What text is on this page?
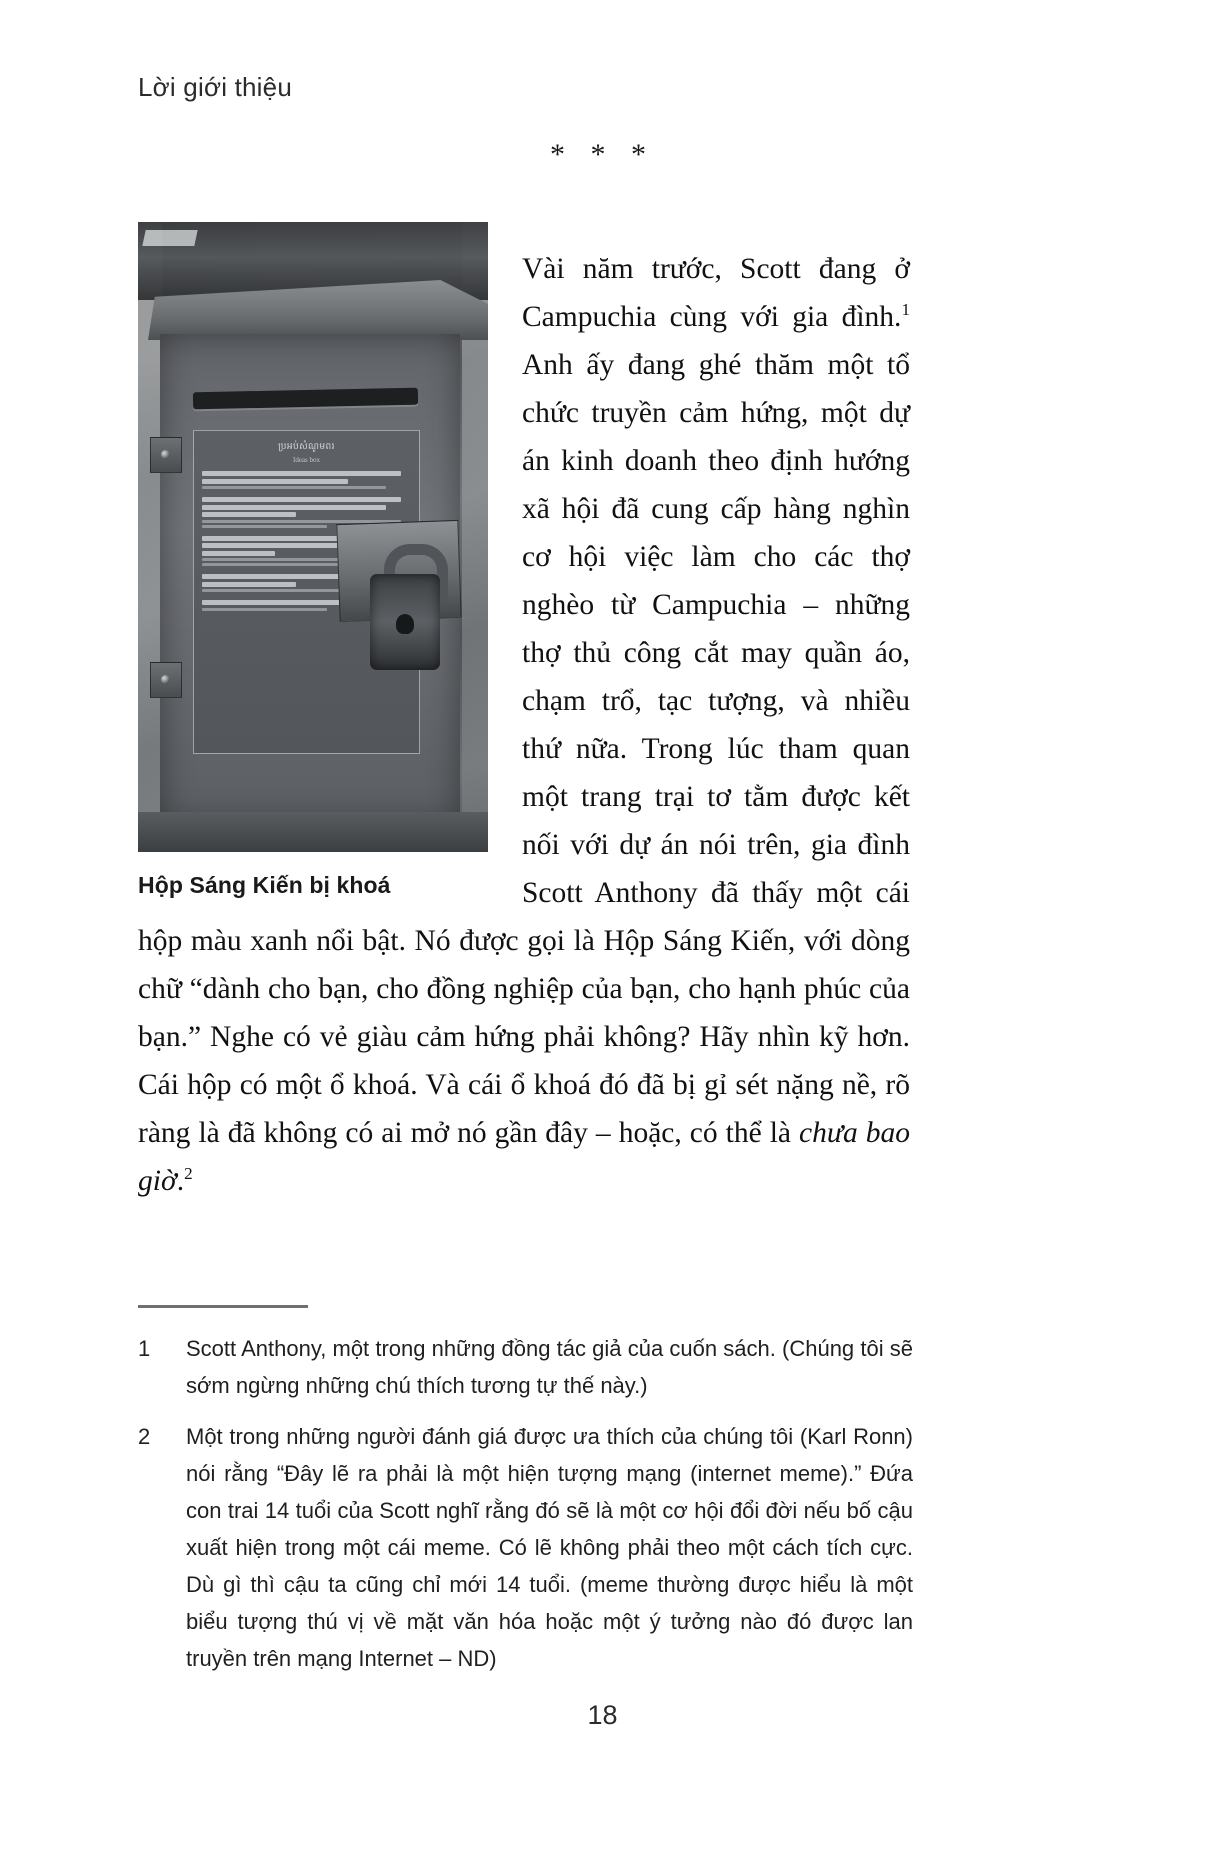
Lời giới thiệu
* * *
ប្រអប់សំណូមពរ
Ideas box
Hộp Sáng Kiến bị khoá

Vài năm trước, Scott đang ở Campuchia cùng với gia đình.$^1$ Anh ấy đang ghé thăm một tổ chức truyền cảm hứng, một dự án kinh doanh theo định hướng xã hội đã cung cấp hàng nghìn cơ hội việc làm cho các thợ nghèo từ Campuchia – những thợ thủ công cắt may quần áo, chạm trổ, tạc tượng, và nhiều thứ nữa. Trong lúc tham quan một trang trại tơ tằm được kết nối với dự án nói trên, gia đình Scott Anthony đã thấy một cái hộp màu xanh nổi bật. Nó được gọi là Hộp Sáng Kiến, với dòng chữ “dành cho bạn, cho đồng nghiệp của bạn, cho hạnh phúc của bạn.” Nghe có vẻ giàu cảm hứng phải không? Hãy nhìn kỹ hơn. Cái hộp có một ổ khoá. Và cái ổ khoá đó đã bị gỉ sét nặng nề, rõ ràng là đã không có ai mở nó gần đây – hoặc, có thể là chưa bao giờ.$^2$

1	Scott Anthony, một trong những đồng tác giả của cuốn sách. (Chúng tôi sẽ sớm ngừng những chú thích tương tự thế này.)
2	Một trong những người đánh giá được ưa thích của chúng tôi (Karl Ronn) nói rằng “Đây lẽ ra phải là một hiện tượng mạng (internet meme).” Đứa con trai 14 tuổi của Scott nghĩ rằng đó sẽ là một cơ hội đổi đời nếu bố cậu xuất hiện trong một cái meme. Có lẽ không phải theo một cách tích cực. Dù gì thì cậu ta cũng chỉ mới 14 tuổi. (meme thường được hiểu là một biểu tượng thú vị về mặt văn hóa hoặc một ý tưởng nào đó được lan truyền trên mạng Internet – ND)
18
